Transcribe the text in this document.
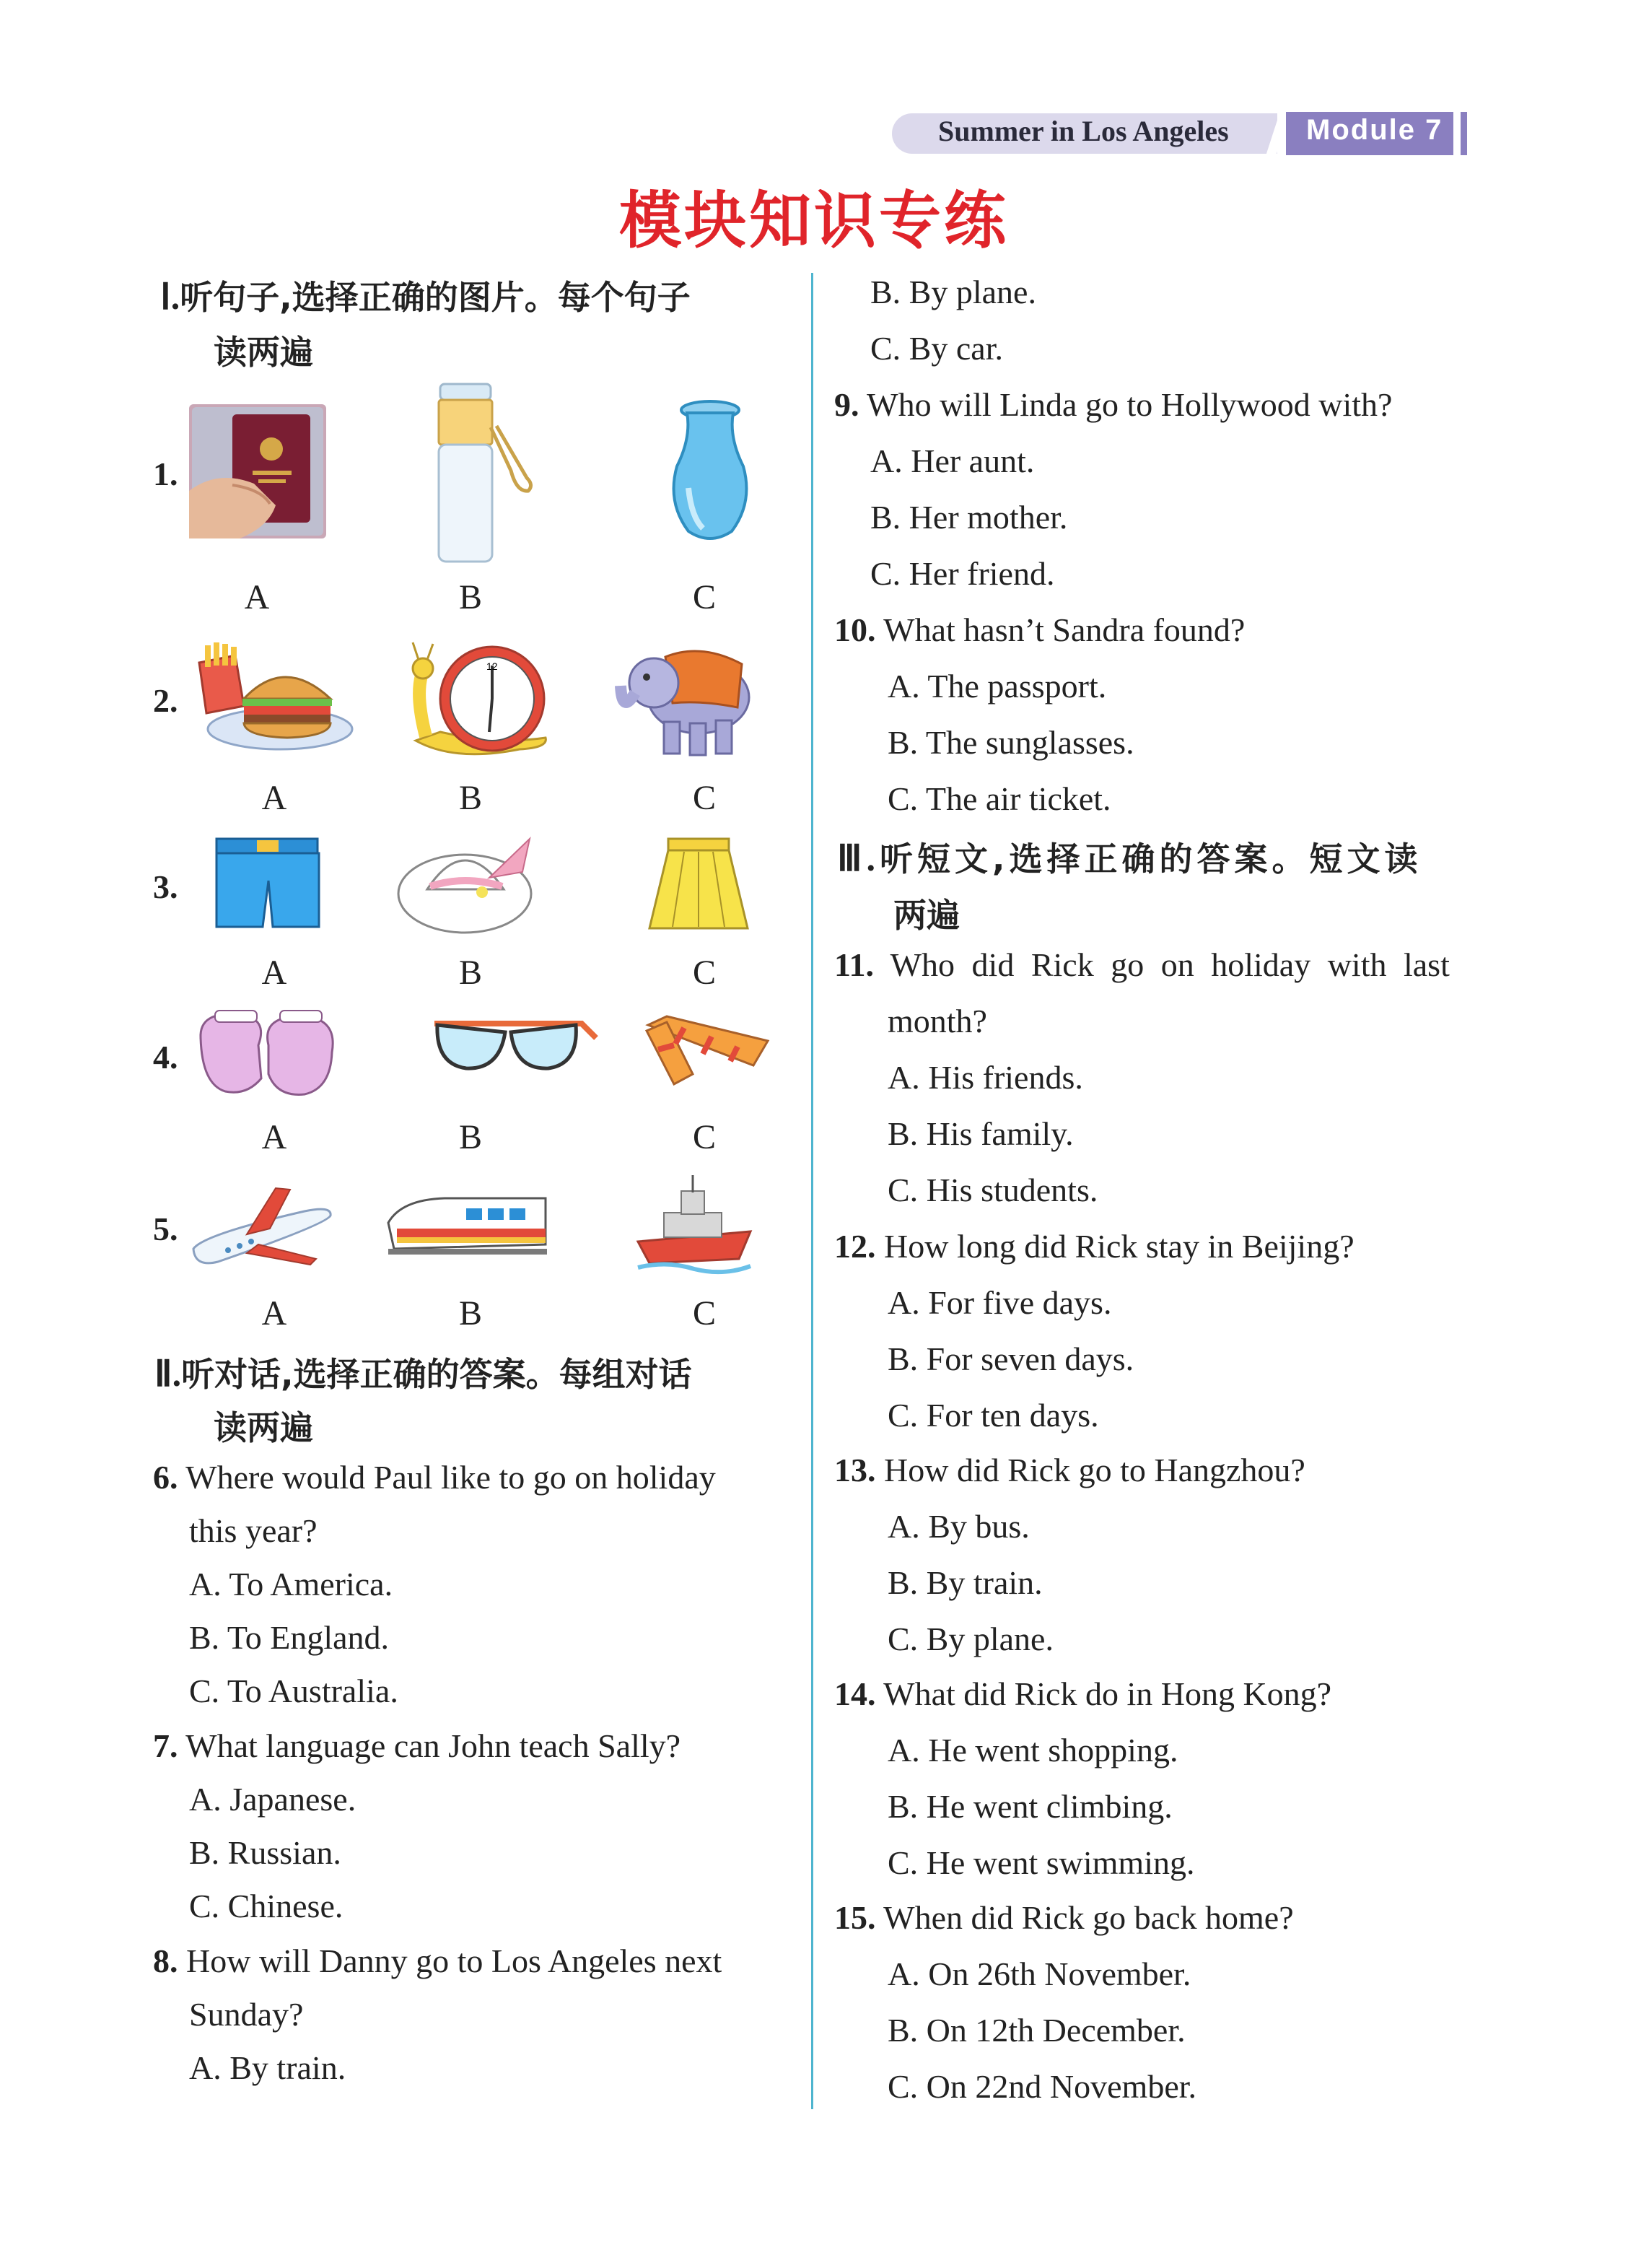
Summer in Los Angeles	Module 7
模块知识专练
Ⅰ.听句子,选择正确的图片。每个句子
读两遍
1.
2.
3.
4.
5.
A	B	C
A	B	C
A	B	C
A	B	C
A	B	C
12
Ⅱ.听对话,选择正确的答案。每组对话
读两遍
6. Where would Paul like to go on holiday
this year?
A. To America.
B. To England.
C. To Australia.
7. What language can John teach Sally?
A. Japanese.
B. Russian.
C. Chinese.
8. How will Danny go to Los Angeles next
Sunday?
A. By train.
B. By plane.
C. By car.
9. Who will Linda go to Hollywood with?
A. Her aunt.
B. Her mother.
C. Her friend.
10. What hasn’t Sandra found?
A. The passport.
B. The sunglasses.
C. The air ticket.
Ⅲ.听短文,选择正确的答案。短文读
两遍
11. Who did Rick go on holiday with last
month?
A. His friends.
B. His family.
C. His students.
12. How long did Rick stay in Beijing?
A. For five days.
B. For seven days.
C. For ten days.
13. How did Rick go to Hangzhou?
A. By bus.
B. By train.
C. By plane.
14. What did Rick do in Hong Kong?
A. He went shopping.
B. He went climbing.
C. He went swimming.
15. When did Rick go back home?
A. On 26th November.
B. On 12th December.
C. On 22nd November.
